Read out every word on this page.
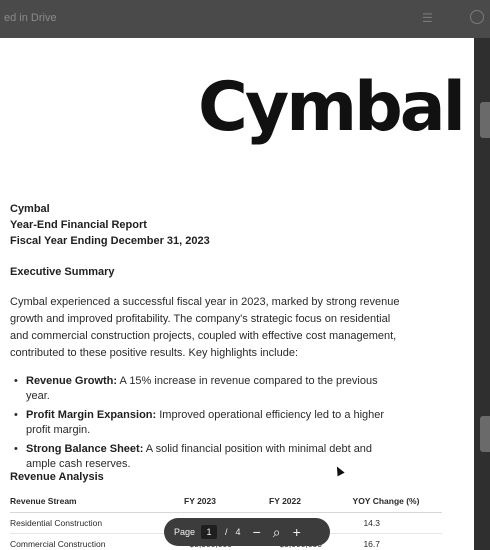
ed in Drive	☰
Cymbal
Cymbal
Year-End Financial Report
Fiscal Year Ending December 31, 2023
Executive Summary
Cymbal experienced a successful fiscal year in 2023, marked by strong revenue growth and improved profitability. The company's strategic focus on residential and commercial construction projects, coupled with effective cost management, contributed to these positive results. Key highlights include:
• Revenue Growth: A 15% increase in revenue compared to the previous year.
• Profit Margin Expansion: Improved operational efficiency led to a higher profit margin.
• Strong Balance Sheet: A solid financial position with minimal debt and ample cash reserves.
Revenue Analysis
Revenue Stream	FY 2023	FY 2022	YOY Change (%)
Residential Construction			14.3
Commercial Construction			16.7
Page	1	/ 4 − ⌕ +
